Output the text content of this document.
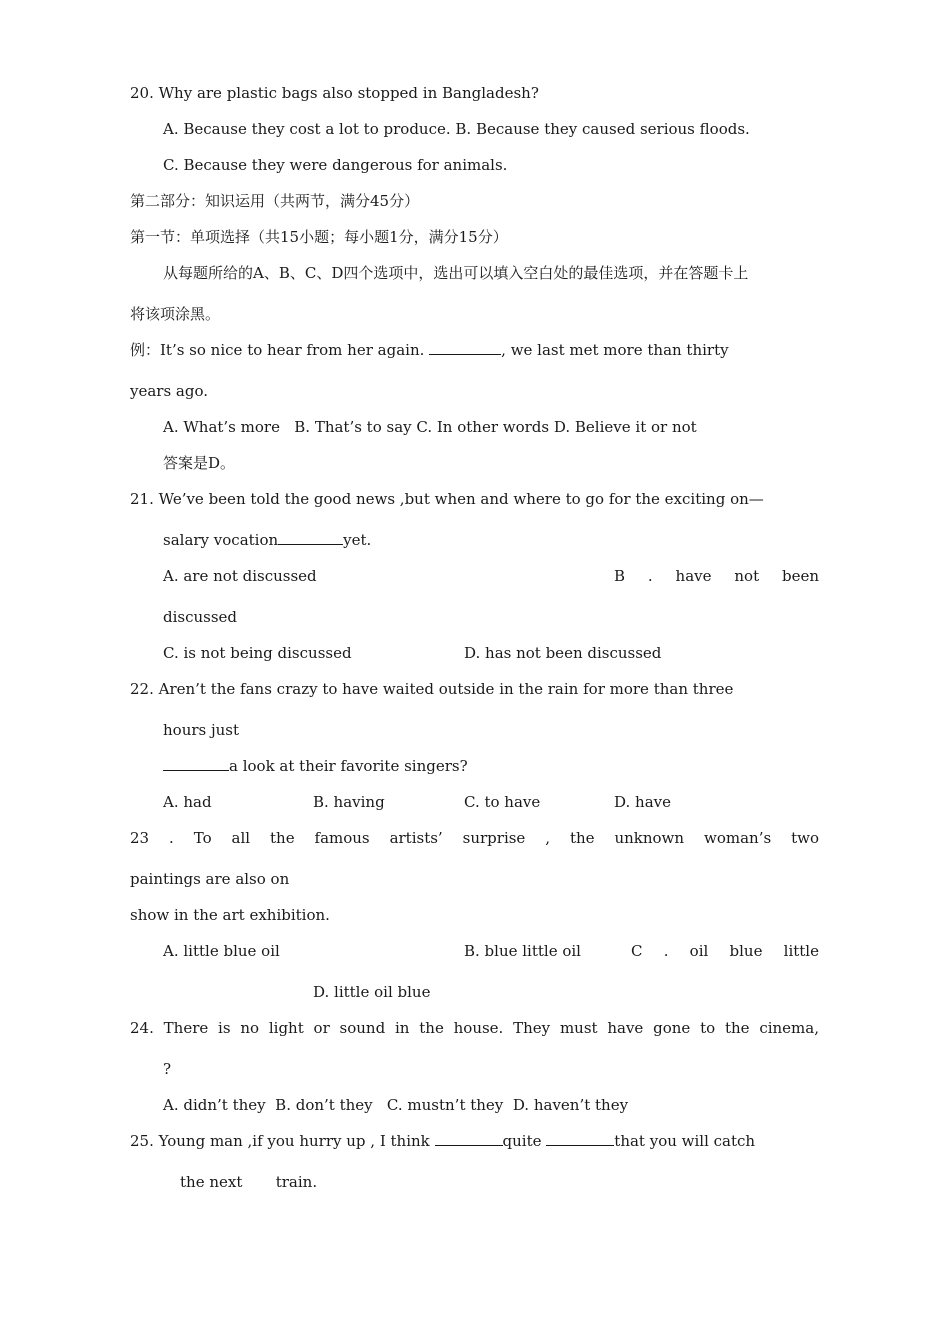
20. Why are plastic bags also stopped in Bangladesh?
A. Because they cost a lot to produce. B. Because they caused serious floods.
C. Because they were dangerous for animals.
第二部分：知识运用（共两节，满分45分）
第一节：单项选择（共15小题；每小题1分，满分15分）
从每题所给的A、B、C、D四个选项中，选出可以填入空白处的最佳选项，并在答题卡上
将该项涂黑。
例：It’s so nice to hear from her again.	, we last met more than thirty
years ago.
A. What’s more   B. That’s to say C. In other words D. Believe it or not
答案是D。
21. We’ve been told the good news ,but when and where to go for the exciting on—
salary vocation	yet.
A. are not discussed	B . have not been
discussed
C. is not being discussed	D. has not been discussed
22. Aren’t the fans crazy to have waited outside in the rain for more than three
hours just
a look at their favorite singers?
A. had	B. having	C. to have	D. have
23 . To all the famous artists’ surprise , the unknown woman’s two
paintings are also on
show in the art exhibition.
A. little blue oil	B. blue little oil	C . oil blue little
D. little oil blue
24. There is no light or sound in the house. They must have gone to the cinema,
?
A. didn’t they  B. don’t they   C. mustn’t they  D. haven’t they
25. Young man ,if you hurry up , I think	quite	that you will catch
the next       train.
